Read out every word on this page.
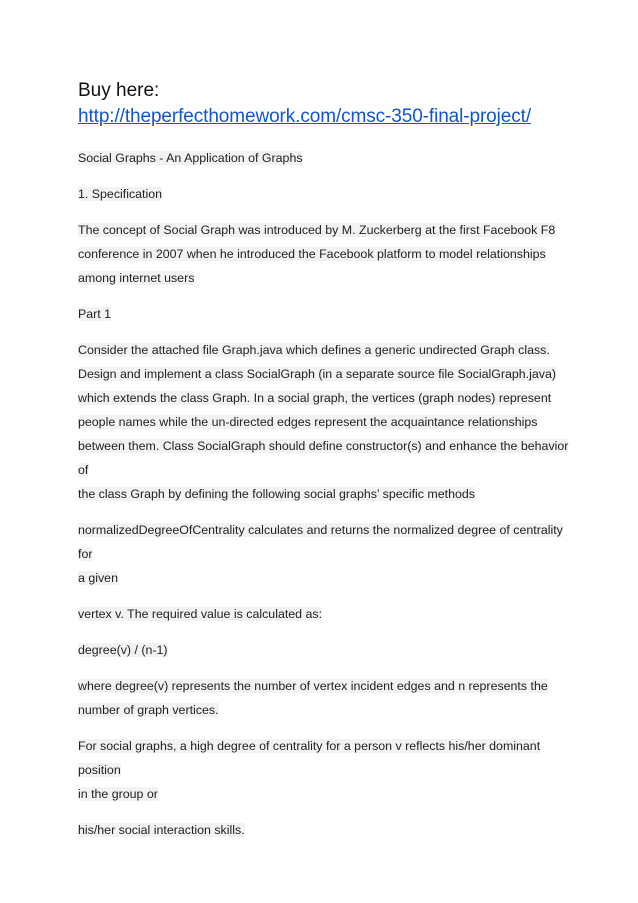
Buy here:
http://theperfecthomework.com/cmsc-350-final-project/

Social Graphs - An Application of Graphs

1. Specification

The concept of Social Graph was introduced by M. Zuckerberg at the first Facebook F8
conference in 2007 when he introduced the Facebook platform to model relationships
among internet users

Part 1

Consider the attached file Graph.java which defines a generic undirected Graph class.
Design and implement a class SocialGraph (in a separate source file SocialGraph.java)
which extends the class Graph. In a social graph, the vertices (graph nodes) represent
people names while the un-directed edges represent the acquaintance relationships
between them. Class SocialGraph should define constructor(s) and enhance the behavior of
the class Graph by defining the following social graphs’ specific methods

normalizedDegreeOfCentrality calculates and returns the normalized degree of centrality for
a given

vertex v. The required value is calculated as:

degree(v) / (n-1)

where degree(v) represents the number of vertex incident edges and n represents the
number of graph vertices.

For social graphs, a high degree of centrality for a person v reflects his/her dominant position
in the group or

his/her social interaction skills.
